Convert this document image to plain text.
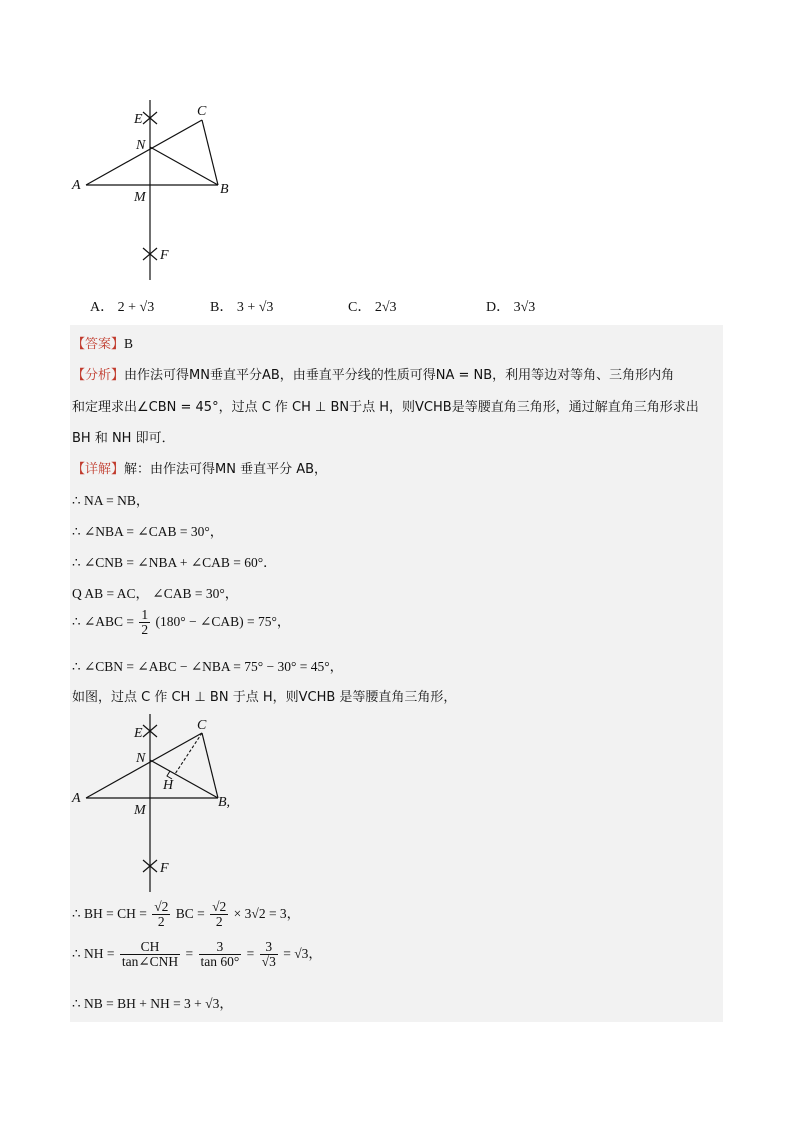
E
C
N
A	B
M
F
A． 2 + √3	B． 3 + √3	C． 2√3	D． 3√3
【答案】B
【分析】由作法可得MN垂直平分AB，由垂直平分线的性质可得NA = NB，利用等边对等角、三角形内角
和定理求出∠CBN = 45°，过点 C 作 CH ⊥ BN于点 H，则VCHB是等腰直角三角形，通过解直角三角形求出
BH 和 NH 即可．
【详解】解：由作法可得MN 垂直平分 AB，
∴ NA = NB，
∴ ∠NBA = ∠CAB = 30°，
∴ ∠CNB = ∠NBA + ∠CAB = 60°．
Q AB = AC， ∠CAB = 30°，
∴ ∠ABC = $\frac{1}{2} (180^\circ$ − ∠CAB) = 75°，
∴ ∠CBN = ∠ABC − ∠NBA = 75° − 30° = 45°，
如图，过点 C 作 CH ⊥ BN 于点 H，则VCHB 是等腰直角三角形，
E
C
N
H
A	B,
M
F
∴ BH = CH = $\frac{√2}{2}$ BC = $\frac{√2}{2} \times 3√2 = 3$，
∴ NH = $\frac{CH}{\text{tan∠CNH}} = \frac{3}{\tan 60^\circ} = \frac{3}{√3} = √3$，
∴ NB = BH + NH = 3 + √3，
